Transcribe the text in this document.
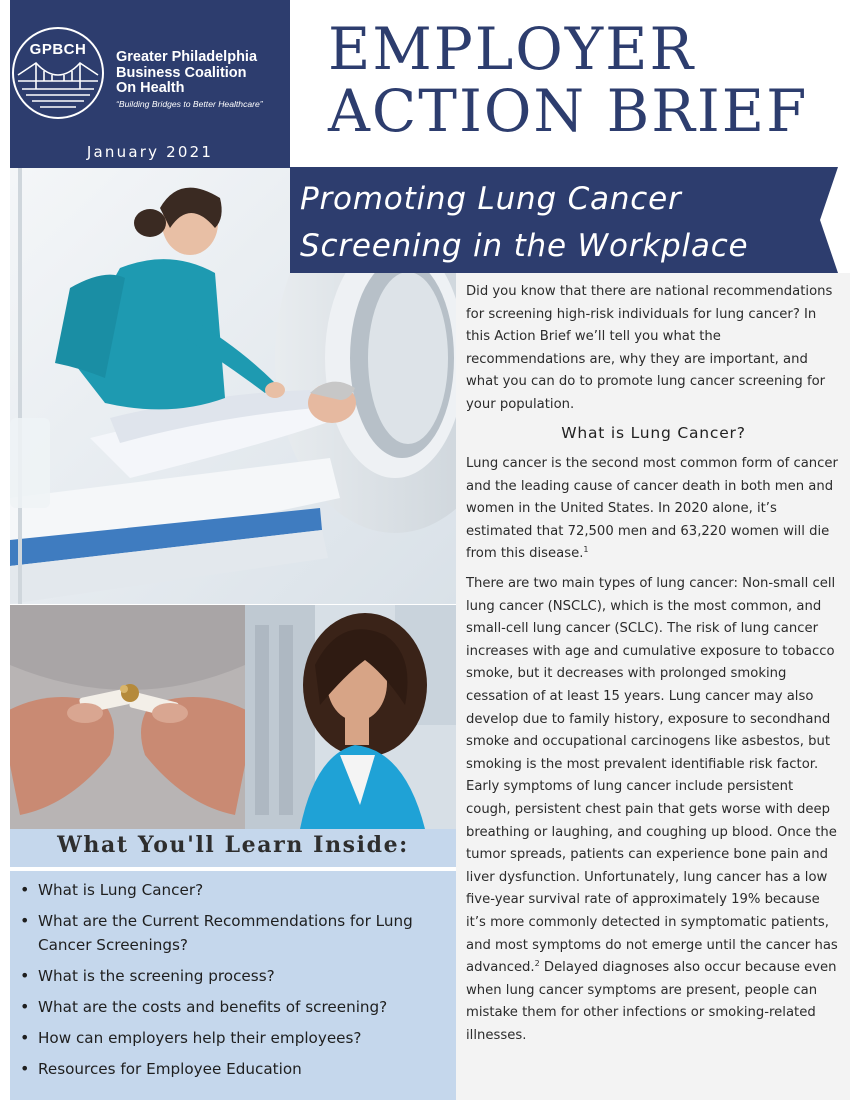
GPBCH	Greater Philadelphia
Business Coalition
On Health
“Building Bridges to Better Healthcare”
January 2021
EMPLOYER
ACTION BRIEF
Promoting Lung Cancer
Screening in the Workplace

Did you know that there are national recommendations for screening high-risk individuals for lung cancer? In this Action Brief we’ll tell you what the recommendations are, why they are important, and what you can do to promote lung cancer screening for your population.

What is Lung Cancer?

Lung cancer is the second most common form of cancer and the leading cause of cancer death in both men and women in the United States. In 2020 alone, it’s estimated that 72,500 men and 63,220 women will die from this disease.$^1$

There are two main types of lung cancer: Non-small cell lung cancer (NSCLC), which is the most common, and small-cell lung cancer (SCLC). The risk of lung cancer increases with age and cumulative exposure to tobacco smoke, but it decreases with prolonged smoking cessation of at least 15 years. Lung cancer may also develop due to family history, exposure to secondhand smoke and occupational carcinogens like asbestos, but smoking is the most prevalent identifiable risk factor. Early symptoms of lung cancer include persistent cough, persistent chest pain that gets worse with deep breathing or laughing, and coughing up blood. Once the tumor spreads, patients can experience bone pain and liver dysfunction. Unfortunately, lung cancer has a low five-year survival rate of approximately 19% because it’s more commonly detected in symptomatic patients, and most symptoms do not emerge until the cancer has advanced.$^2$ Delayed diagnoses also occur because even when lung cancer symptoms are present, people can mistake them for other infections or smoking-related illnesses.

What You'll Learn Inside:
• What is Lung Cancer?
• What are the Current Recommendations for Lung Cancer Screenings?
• What is the screening process?
• What are the costs and benefits of screening?
• How can employers help their employees?
• Resources for Employee Education
